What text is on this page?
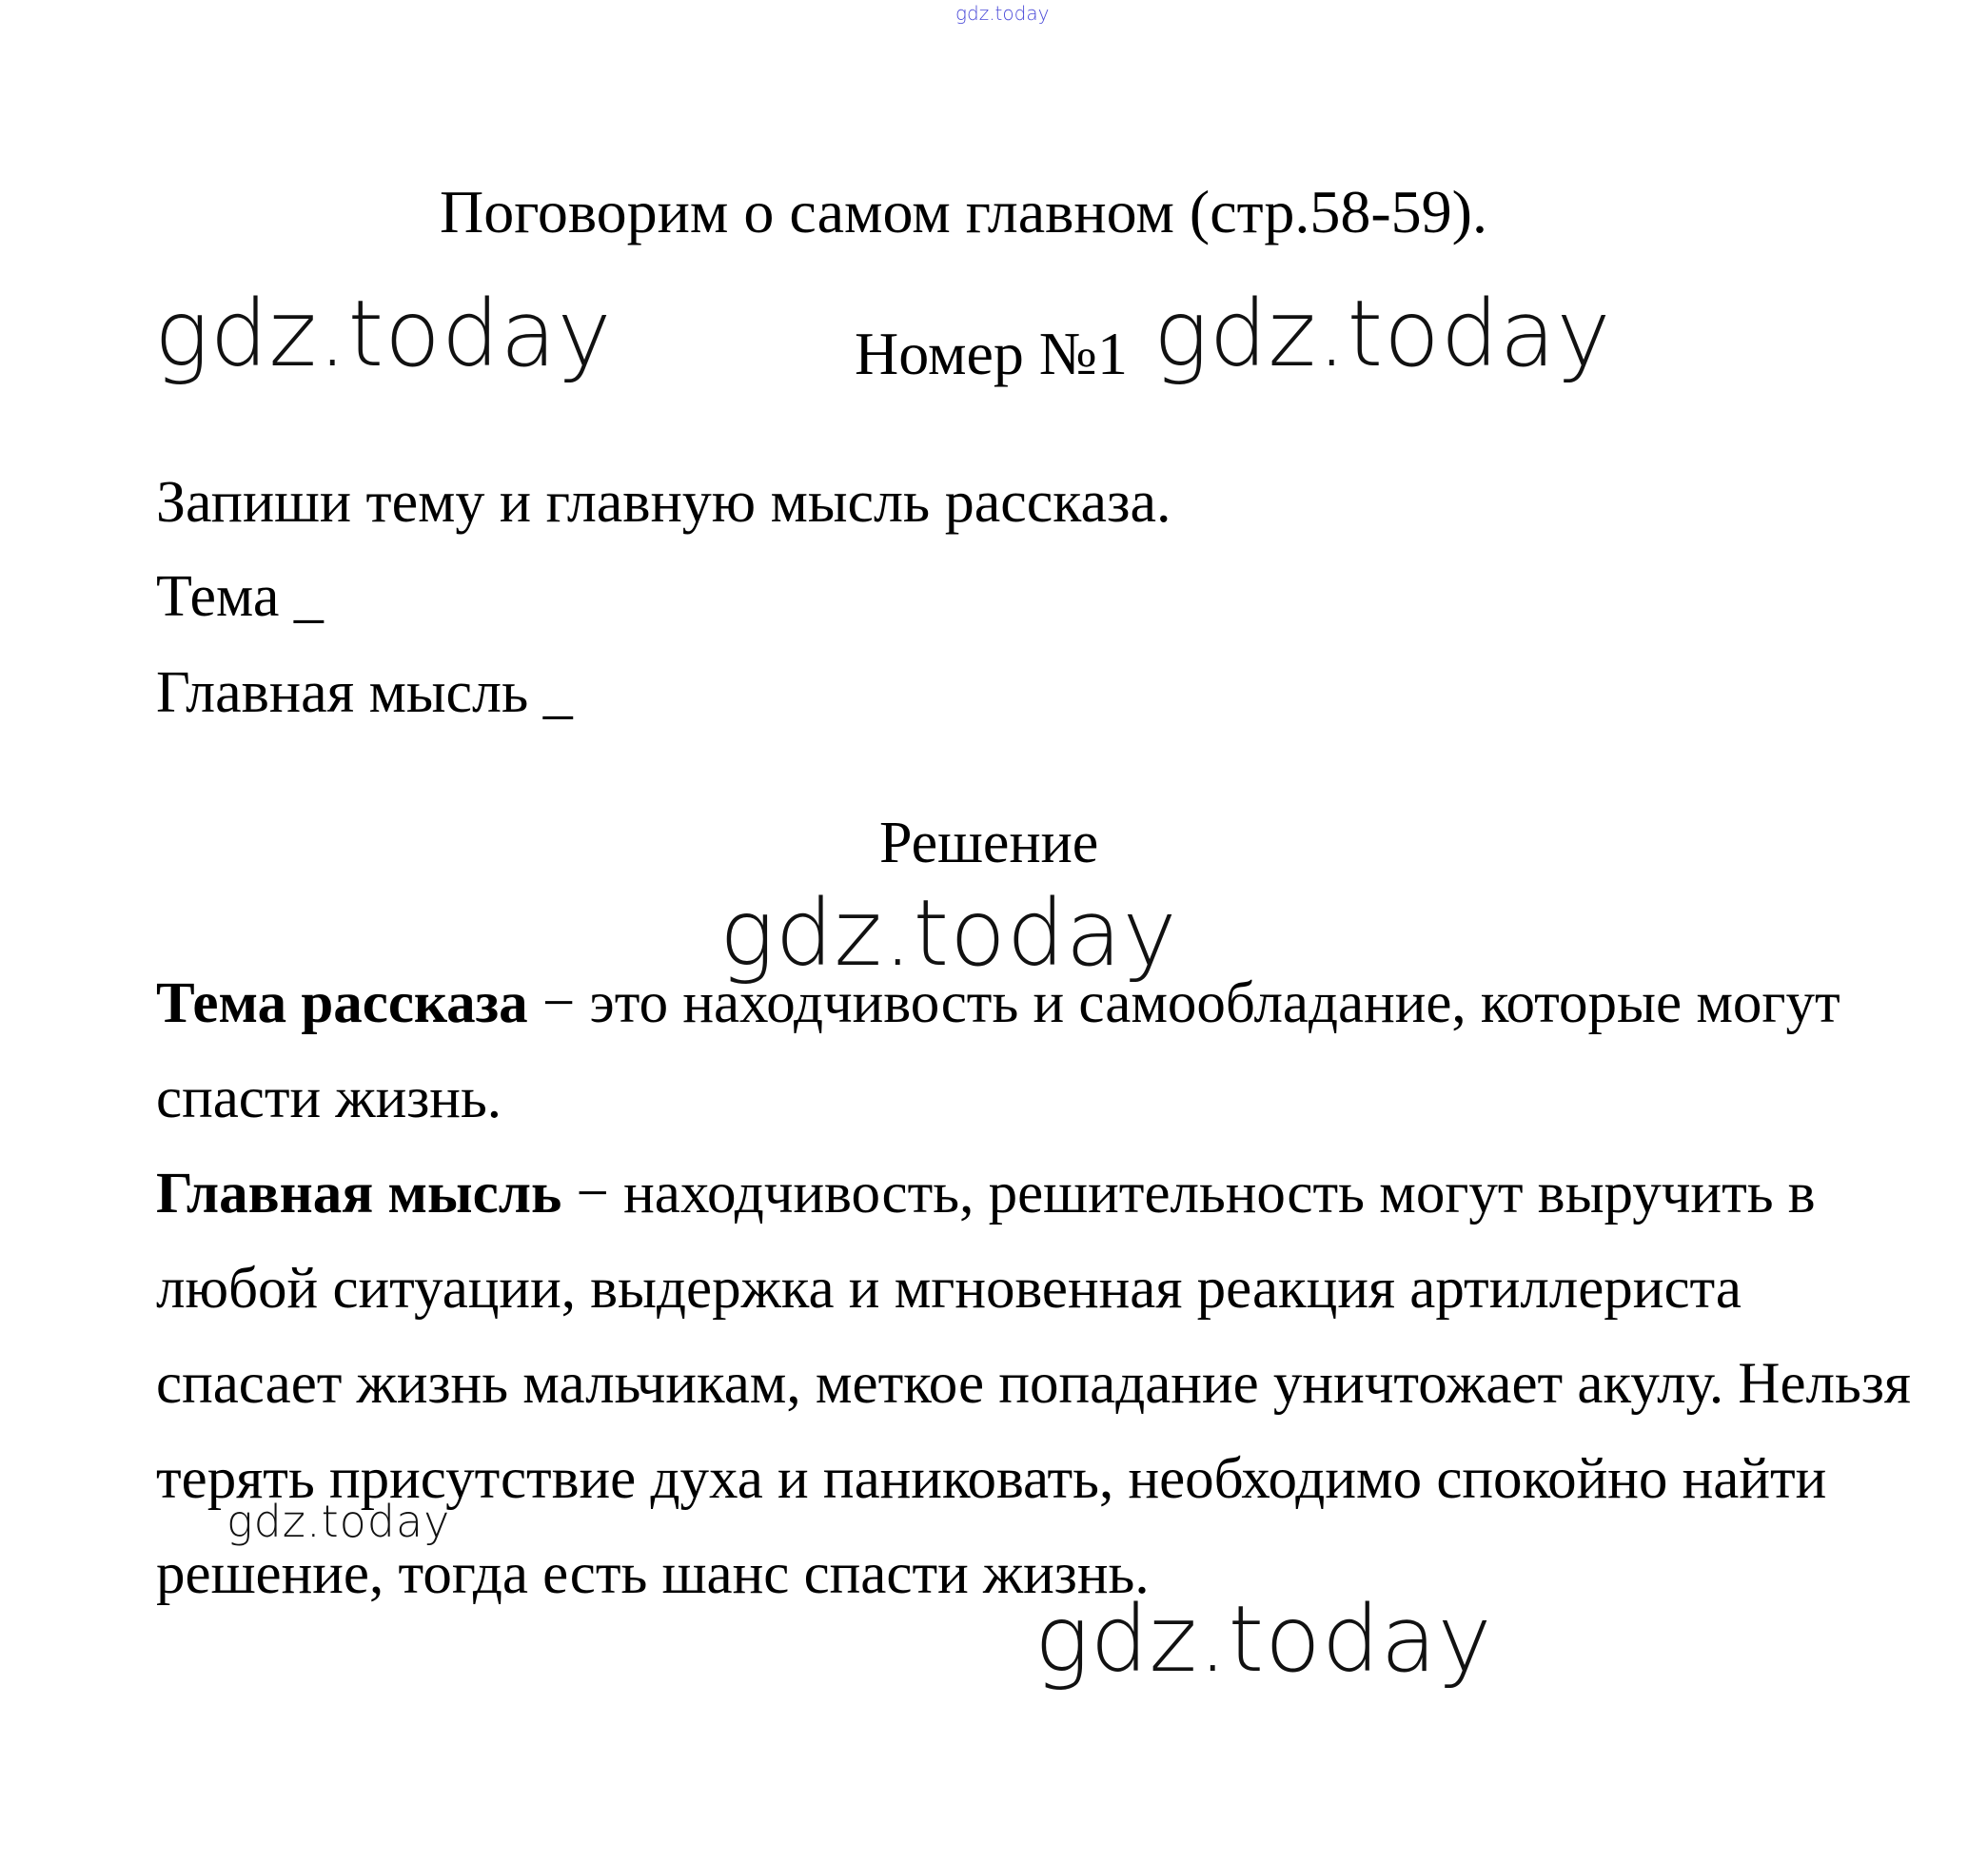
gdz.today
Поговорим о самом главном (стр.58-59).
gdz.today	Номер №1 gdz.today
Запиши тему и главную мысль рассказа.
Тема _
Главная мысль _
Решение

Тема рассказа − это находчивость и самообладание, которые могут спасти жизнь.

Главная мысль − находчивость, решительность могут выручить в любой ситуации, выдержка и мгновенная реакция артиллериста спасает жизнь мальчикам, меткое попадание уничтожает акулу. Нельзя терять присутствие духа и паниковать, необходимо спокойно найти решение, тогда есть шанс спасти жизнь.

gdz.today
gdz.today
gdz.today
